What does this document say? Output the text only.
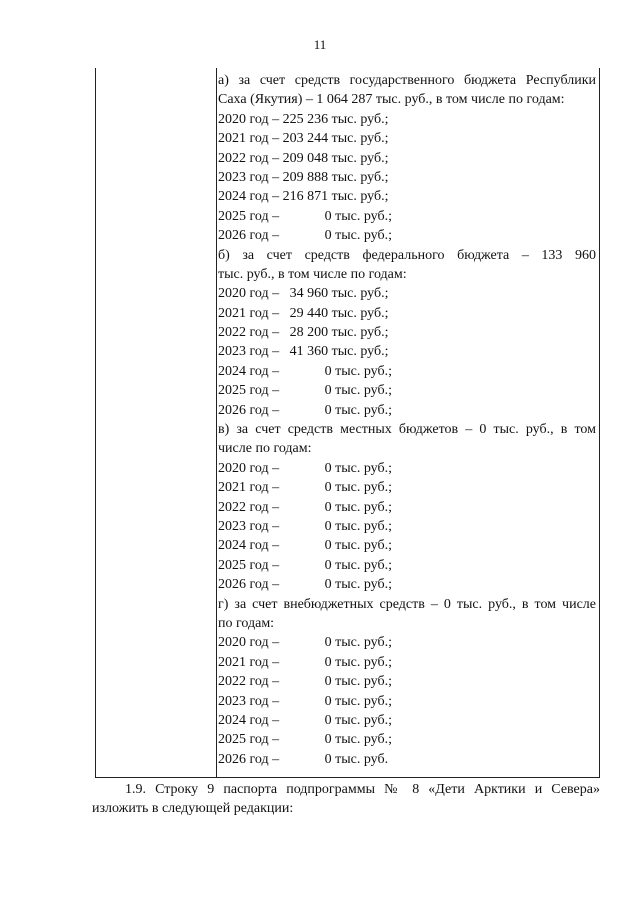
11
а) за счет средств государственного бюджета Республики
Саха (Якутия) – 1 064 287 тыс. руб., в том числе по годам:
2020 год – 225 236 тыс. руб.;
2021 год – 203 244 тыс. руб.;
2022 год – 209 048 тыс. руб.;
2023 год – 209 888 тыс. руб.;
2024 год – 216 871 тыс. руб.;
2025 год –             0 тыс. руб.;
2026 год –             0 тыс. руб.;
б) за счет средств федерального бюджета – 133 960
тыс. руб., в том числе по годам:
2020 год –   34 960 тыс. руб.;
2021 год –   29 440 тыс. руб.;
2022 год –   28 200 тыс. руб.;
2023 год –   41 360 тыс. руб.;
2024 год –             0 тыс. руб.;
2025 год –             0 тыс. руб.;
2026 год –             0 тыс. руб.;
в) за счет средств местных бюджетов – 0 тыс. руб., в том
числе по годам:
2020 год –             0 тыс. руб.;
2021 год –             0 тыс. руб.;
2022 год –             0 тыс. руб.;
2023 год –             0 тыс. руб.;
2024 год –             0 тыс. руб.;
2025 год –             0 тыс. руб.;
2026 год –             0 тыс. руб.;
г) за счет внебюджетных средств – 0 тыс. руб., в том числе
по годам:
2020 год –             0 тыс. руб.;
2021 год –             0 тыс. руб.;
2022 год –             0 тыс. руб.;
2023 год –             0 тыс. руб.;
2024 год –             0 тыс. руб.;
2025 год –             0 тыс. руб.;
2026 год –             0 тыс. руб.
1.9. Строку 9 паспорта подпрограммы № 8 «Дети Арктики и Севера»
изложить в следующей редакции:
